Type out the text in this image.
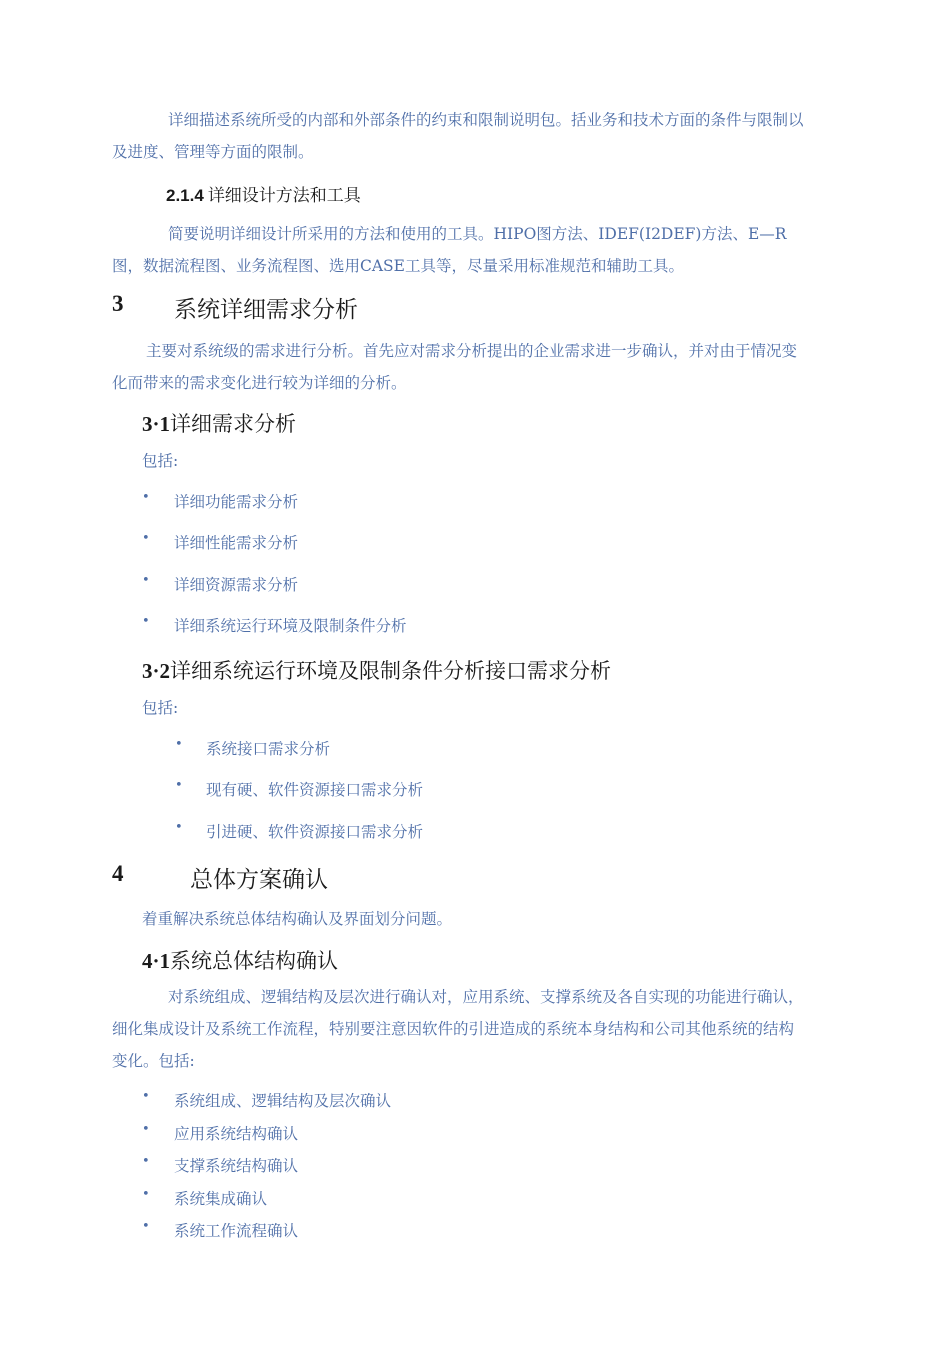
详细描述系统所受的内部和外部条件的约束和限制说明包。括业务和技术方面的条件与限制以
及进度、管理等方面的限制。
2.1.4 详细设计方法和工具
简要说明详细设计所采用的方法和使用的工具。HIPO图方法、IDEF(I2DEF)方法、E—R
图，数据流程图、业务流程图、选用CASE工具等，尽量采用标准规范和辅助工具。
3 系统详细需求分析
主要对系统级的需求进行分析。首先应对需求分析提出的企业需求进一步确认，并对由于情况变
化而带来的需求变化进行较为详细的分析。
3·1详细需求分析
包括:
• 详细功能需求分析
• 详细性能需求分析
• 详细资源需求分析
• 详细系统运行环境及限制条件分析
3·2详细系统运行环境及限制条件分析接口需求分析
包括:
• 系统接口需求分析
• 现有硬、软件资源接口需求分析
• 引进硬、软件资源接口需求分析
4	总体方案确认
着重解决系统总体结构确认及界面划分问题。
4·1系统总体结构确认
对系统组成、逻辑结构及层次进行确认对，应用系统、支撑系统及各自实现的功能进行确认，
细化集成设计及系统工作流程，特别要注意因软件的引进造成的系统本身结构和公司其他系统的结构
变化。包括:
• 系统组成、逻辑结构及层次确认
• 应用系统结构确认
• 支撑系统结构确认
• 系统集成确认
• 系统工作流程确认
